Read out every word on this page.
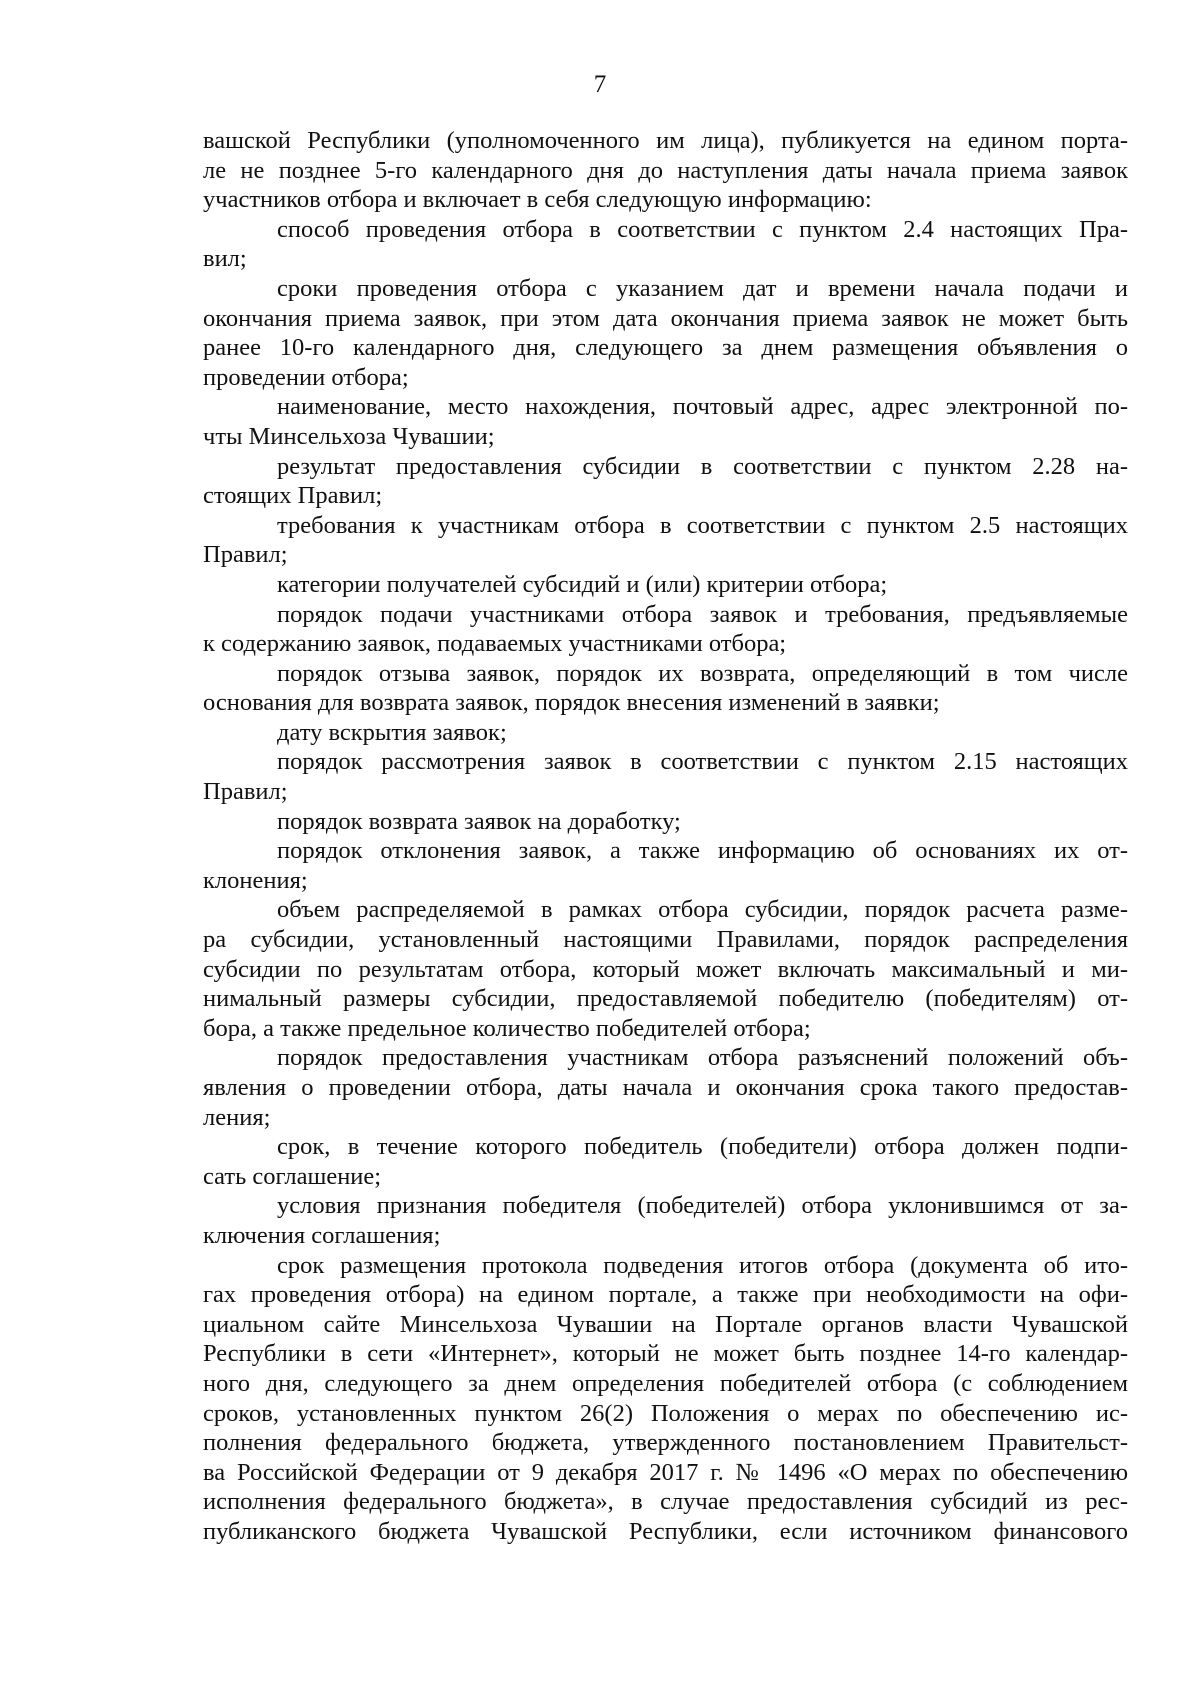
7
вашской Республики (уполномоченного им лица), публикуется на едином порта-
ле не позднее 5-го календарного дня до наступления даты начала приема заявок
участников отбора и включает в себя следующую информацию:
способ проведения отбора в соответствии с пунктом 2.4 настоящих Пра-
вил;
сроки проведения отбора с указанием дат и времени начала подачи и
окончания приема заявок, при этом дата окончания приема заявок не может быть
ранее 10-го календарного дня, следующего за днем размещения объявления о
проведении отбора;
наименование, место нахождения, почтовый адрес, адрес электронной по-
чты Минсельхоза Чувашии;
результат предоставления субсидии в соответствии с пунктом 2.28 на-
стоящих Правил;
требования к участникам отбора в соответствии с пунктом 2.5 настоящих
Правил;
категории получателей субсидий и (или) критерии отбора;
порядок подачи участниками отбора заявок и требования, предъявляемые
к содержанию заявок, подаваемых участниками отбора;
порядок отзыва заявок, порядок их возврата, определяющий в том числе
основания для возврата заявок, порядок внесения изменений в заявки;
дату вскрытия заявок;
порядок рассмотрения заявок в соответствии с пунктом 2.15 настоящих
Правил;
порядок возврата заявок на доработку;
порядок отклонения заявок, а также информацию об основаниях их от-
клонения;
объем распределяемой в рамках отбора субсидии, порядок расчета разме-
ра субсидии, установленный настоящими Правилами, порядок распределения
субсидии по результатам отбора, который может включать максимальный и ми-
нимальный размеры субсидии, предоставляемой победителю (победителям) от-
бора, а также предельное количество победителей отбора;
порядок предоставления участникам отбора разъяснений положений объ-
явления о проведении отбора, даты начала и окончания срока такого предостав-
ления;
срок, в течение которого победитель (победители) отбора должен подпи-
сать соглашение;
условия признания победителя (победителей) отбора уклонившимся от за-
ключения соглашения;
срок размещения протокола подведения итогов отбора (документа об ито-
гах проведения отбора) на едином портале, а также при необходимости на офи-
циальном сайте Минсельхоза Чувашии на Портале органов власти Чувашской
Республики в сети «Интернет», который не может быть позднее 14-го календар-
ного дня, следующего за днем определения победителей отбора (с соблюдением
сроков, установленных пунктом 26(2) Положения о мерах по обеспечению ис-
полнения федерального бюджета, утвержденного постановлением Правительст-
ва Российской Федерации от 9 декабря 2017 г. № 1496 «О мерах по обеспечению
исполнения федерального бюджета», в случае предоставления субсидий из рес-
публиканского бюджета Чувашской Республики, если источником финансового
